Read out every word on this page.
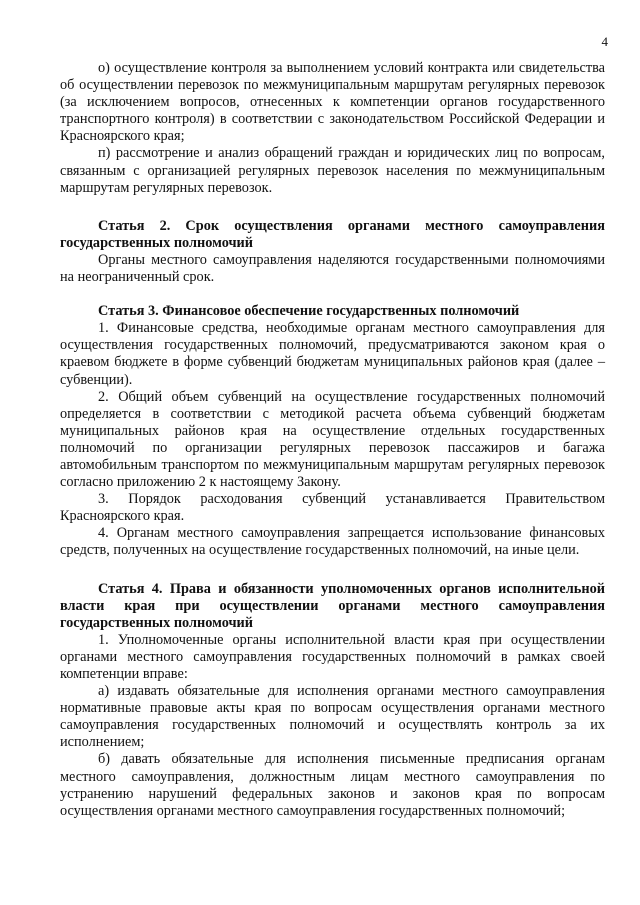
4

о) осуществление контроля за выполнением условий контракта или свидетельства об осуществлении перевозок по межмуниципальным маршрутам регулярных перевозок (за исключением вопросов, отнесенных к компетенции органов государственного транспортного контроля) в соответствии с законодательством Российской Федерации и Красноярского края;

п) рассмотрение и анализ обращений граждан и юридических лиц по вопросам, связанным с организацией регулярных перевозок населения по межмуниципальным маршрутам регулярных перевозок.

Статья 2. Срок осуществления органами местного самоуправления государственных полномочий

Органы местного самоуправления наделяются государственными полномочиями на неограниченный срок.

Статья 3. Финансовое обеспечение государственных полномочий

1. Финансовые средства, необходимые органам местного самоуправления для осуществления государственных полномочий, предусматриваются законом края о краевом бюджете в форме субвенций бюджетам муниципальных районов края (далее – субвенции).

2. Общий объем субвенций на осуществление государственных полномочий определяется в соответствии с методикой расчета объема субвенций бюджетам муниципальных районов края на осуществление отдельных государственных полномочий по организации регулярных перевозок пассажиров и багажа автомобильным транспортом по межмуниципальным маршрутам регулярных перевозок согласно приложению 2 к настоящему Закону.

3. Порядок расходования субвенций устанавливается Правительством Красноярского края.

4. Органам местного самоуправления запрещается использование финансовых средств, полученных на осуществление государственных полномочий, на иные цели.

Статья 4. Права и обязанности уполномоченных органов исполнительной власти края при осуществлении органами местного самоуправления государственных полномочий

1. Уполномоченные органы исполнительной власти края при осуществлении органами местного самоуправления государственных полномочий в рамках своей компетенции вправе:

а) издавать обязательные для исполнения органами местного самоуправления нормативные правовые акты края по вопросам осуществления органами местного самоуправления государственных полномочий и осуществлять контроль за их исполнением;

б) давать обязательные для исполнения письменные предписания органам местного самоуправления, должностным лицам местного самоуправления по устранению нарушений федеральных законов и законов края по вопросам осуществления органами местного самоуправления государственных полномочий;
